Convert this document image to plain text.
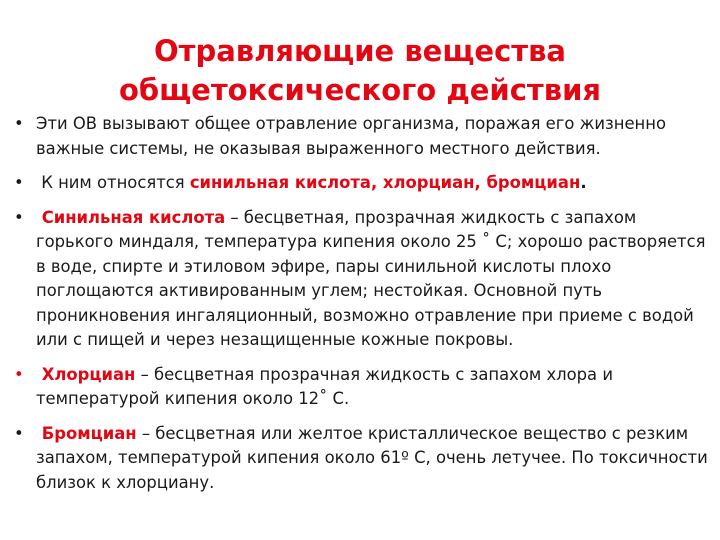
Отравляющие вещества
общетоксического действия
• Эти ОВ вызывают общее отравление организма, поражая его жизненно важные системы, не оказывая выраженного местного действия.
• К ним относятся синильная кислота, хлорциан, бромциан.
• Синильная кислота – бесцветная, прозрачная жидкость с запахом горького миндаля, температура кипения около 25 ˚ С; хорошо растворяется в воде, спирте и этиловом эфире, пары синильной кислоты плохо поглощаются активированным углем; нестойкая. Основной путь проникновения ингаляционный, возможно отравление при приеме с водой или с пищей и через незащищенные кожные покровы.
• Хлорциан – бесцветная прозрачная жидкость с запахом хлора и температурой кипения около 12˚ С.
• Бромциан – бесцветная или желтое кристаллическое вещество с резким запахом, температурой кипения около 61º С, очень летучее. По токсичности близок к хлорциану.
